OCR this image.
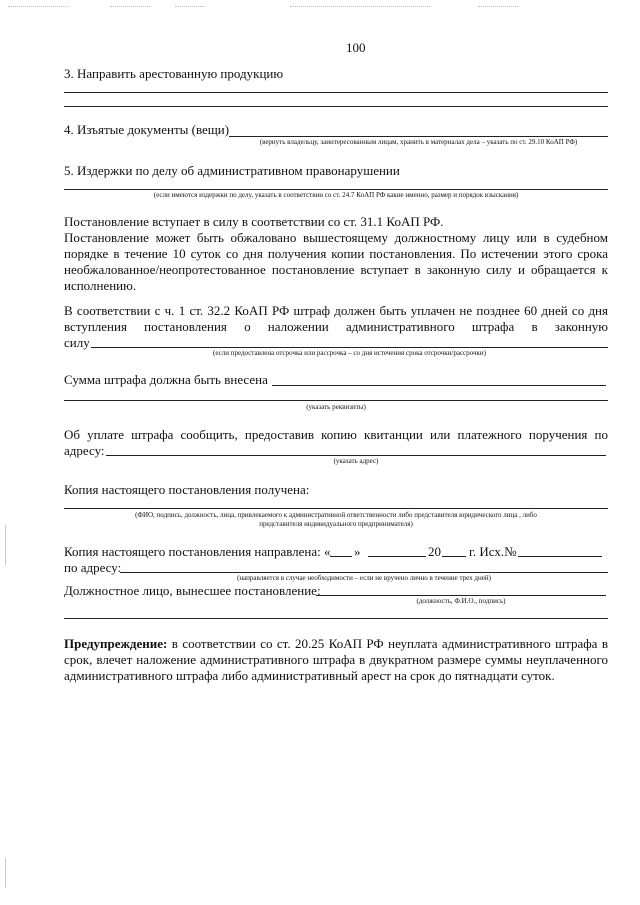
100
3. Направить арестованную продукцию
4. Изъятые документы (вещи)
(вернуть владельцу, заинтересованным лицам, хранить в материалах дела – указать по ст. 29.10 КоАП РФ)
5. Издержки по делу об административном правонарушении
(если имеются издержки по делу, указать в соответствии со ст. 24.7 КоАП РФ какие именно, размер и порядок взыскания)
Постановление вступает в силу в соответствии со ст. 31.1 КоАП РФ.
Постановление может быть обжаловано вышестоящему должностному лицу или в судебном порядке в течение 10 суток со дня получения копии постановления. По истечении этого срока необжалованное/неопротестованное постановление вступает в законную силу и обращается к исполнению.
В соответствии с ч. 1 ст. 32.2 КоАП РФ штраф должен быть уплачен не позднее 60 дней со дня вступления постановления о наложении административного штрафа в законную
силу
(если предоставлена отсрочка или рассрочка – со дня истечения срока отсрочки/рассрочки)
Сумма штрафа должна быть внесена
(указать реквизиты)
Об уплате штрафа сообщить, предоставив копию квитанции или платежного поручения по
адресу:
(указать адрес)
Копия настоящего постановления получена:
(ФИО, подпись, должность, лица, привлекаемого к административной ответственности либо представителя юридического лица , либо
представителя индивидуального предпринимателя)
Копия настоящего постановления направлена: « »	20 г. Исх.№
по адресу:
(направляется в случае необходимости – если не вручено лично в течение трех дней)
Должностное лицо, вынесшее постановление:
(должность, Ф.И.О., подпись)
Предупреждение: в соответствии со ст. 20.25 КоАП РФ неуплата административного штрафа в срок, влечет наложение административного штрафа в двукратном размере суммы неуплаченного административного штрафа либо административный арест на срок до пятнадцати суток.
